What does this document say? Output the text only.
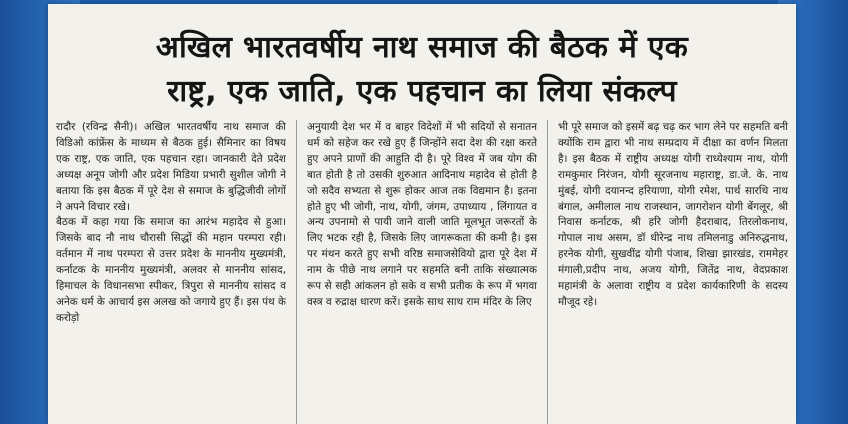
अखिल भारतवर्षीय नाथ समाज की बैठक में एक
राष्ट्र, एक जाति, एक पहचान का लिया संकल्प

रादौर (रविन्द्र सैनी)। अखिल भारतवर्षीय नाथ समाज की विडिओ कांफ्रेंस के माध्यम से बैठक हुई। सैमिनार का विषय एक राष्ट्र, एक जाति, एक पहचान रहा। जानकारी देते प्रदेश अध्यक्ष अनूप जोगी और प्रदेश मिडिया प्रभारी सुशील जोगी ने बताया कि इस बैठक में पूरे देश से समाज के बुद्धिजीवी लोगों ने अपने विचार रखे।

बैठक में कहा गया कि समाज का आरंभ महादेव से हुआ।जिसके बाद नौ नाथ चौरासी सिद्धों की महान परम्परा रही। वर्तमान में नाथ परम्परा से उत्तर प्रदेश के माननीय मुख्यमंत्री, कर्नाटक के माननीय मुख्यमंत्री, अलवर से माननीय सांसद, हिमाचल के विधानसभा स्पीकर, त्रिपुरा से माननीय सांसद व अनेक धर्म के आचार्य इस अलख को जगाये हुए हैं। इस पंथ के करोड़ो

अनुयायी देश भर में व बाहर विदेशों में भी सदियों से सनातन धर्म को सहेज कर रखे हुए हैं जिन्होंने सदा देश की रक्षा करते हुए अपने प्राणों की आहुति दी है। पूरे विश्व में जब योग की बात होती है तो उसकी शुरुआत आदिनाथ महादेव से होती है जो सदैव सभ्यता से शुरू होकर आज तक विद्यमान है। इतना होते हुए भी जोगी, नाथ, योगी, जंगम, उपाध्याय , लिंगायत व अन्य उपनामो से पायी जाने वाली जाति मूलभूत जरूरतों के लिए भटक रही है, जिसके लिए जागरूकता की कमी है। इस पर मंथन करते हुए सभी वरिष्ठ समाजसेवियो द्वारा पूरे देश में नाम के पीछे नाथ लगाने पर सहमति बनी ताकि संख्यात्मक रूप से सही आंकलन हो सके व सभी प्रतीक के रूप में भगवा वस्त्र व रुद्राक्ष धारण करें। इसके साथ साथ राम मंदिर के लिए

भी पूरे समाज को इसमें बढ़ चढ़ कर भाग लेने पर सहमति बनी क्योंकि राम द्वारा भी नाथ सम्प्रदाय में दीक्षा का वर्णन मिलता है। इस बैठक में राष्ट्रीय अध्यक्ष योगी राध्येश्याम नाथ, योगी रामकुमार निरंजन, योगी सूरजनाथ महाराष्ट्र, डा.जे. के. नाथ मुंबई, योगी दयानन्द हरियाणा, योगी रमेश, पार्थ सारथि नाथ बंगाल, अमीलाल नाथ राजस्थान, जागरोशन योगी बेंगलूर, श्री निवास कर्नाटक, श्री हरि जोगी हैदराबाद, तिरलोकनाथ, गोपाल नाथ असम, डॉ धीरेन्द्र नाथ तमिलनाडु अनिरुद्धनाथ, हरनेक योगी, सुखवींद्र योगी पंजाब, शिखा झारखंड, राममेहर मंगाली,प्रदीप नाथ, अजय योगी, जितेंद्र नाथ, वेदप्रकाश महामंत्री के अलावा राष्ट्रीय व प्रदेश कार्यकारिणी के सदस्य मौजूद रहे।
